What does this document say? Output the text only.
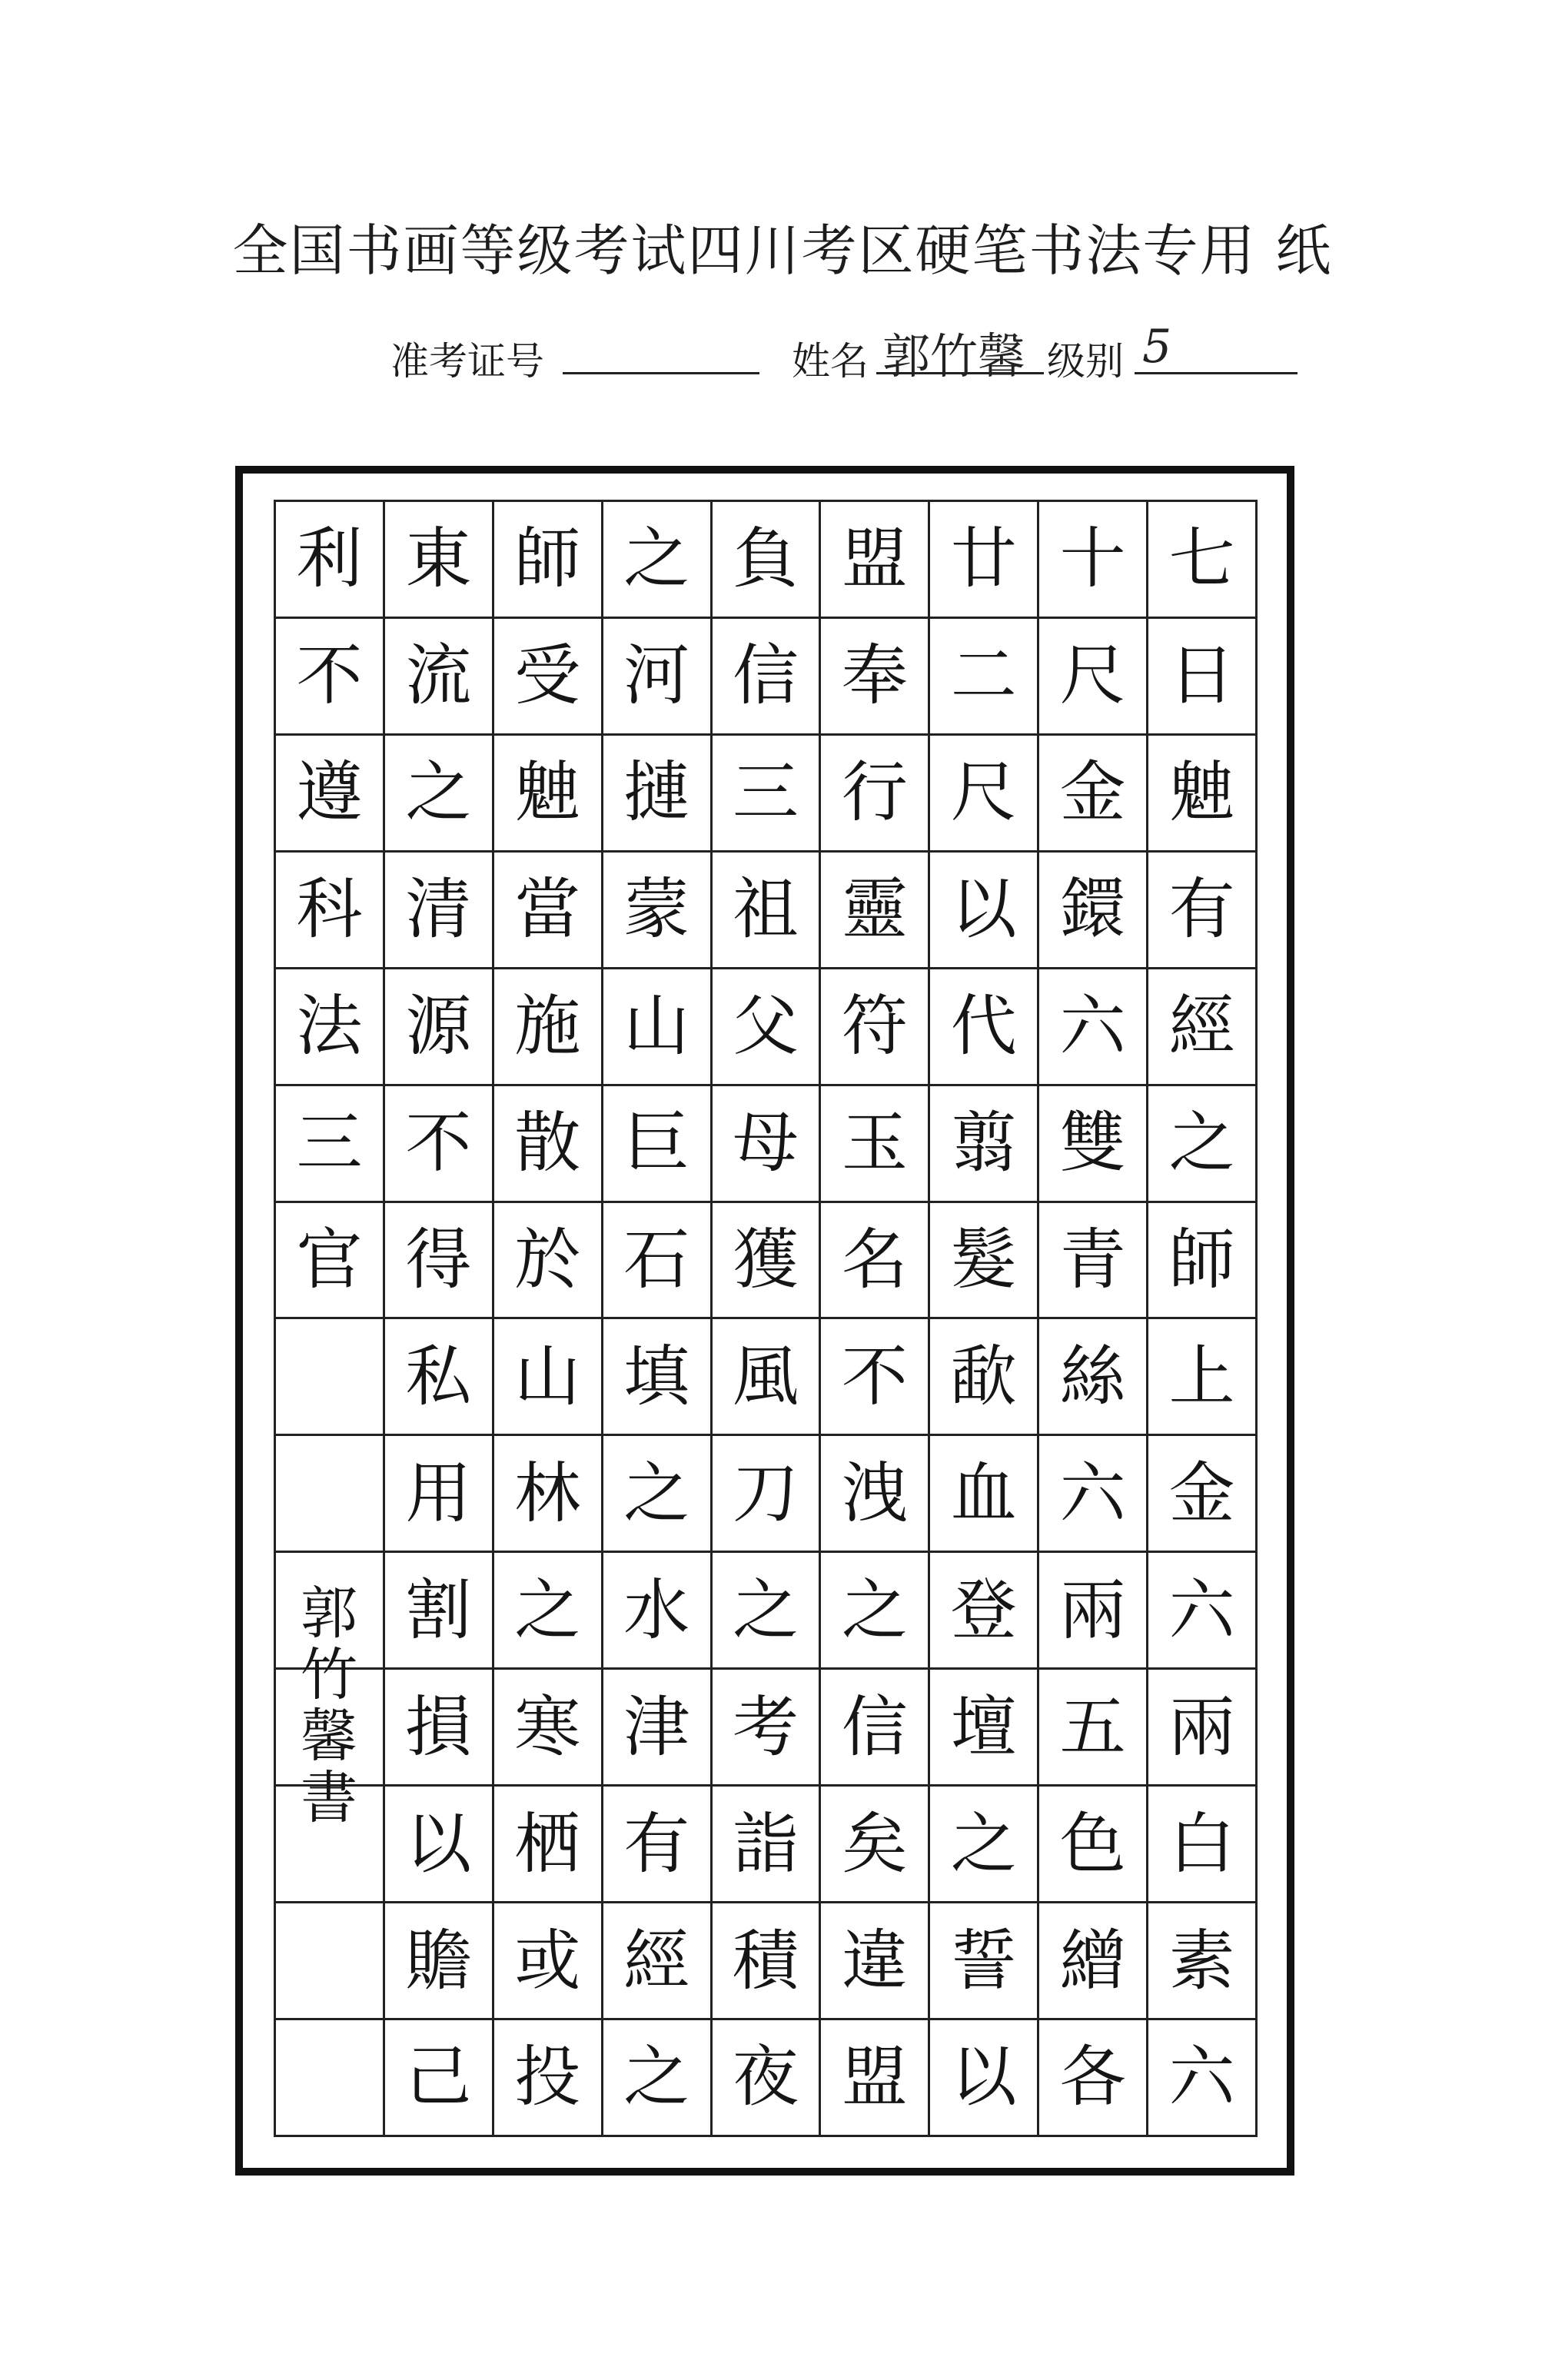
全国书画等级考试四川考区硬笔书法专用 纸
准考证号	姓名 郭竹馨 级别 5
利
不
遵
科
法
三
官
東
流
之
清
源
不
得
私
用
割
損
以
贍
己
師
受
䰠
當
施
散
於
山
林
之
寒
栖
或
投
之
河
摙
蒙
山
巨
石
填
之
水
津
有
經
之
負
信
三
祖
父
母
獲
風
刀
之
考
詣
積
夜
盟
奉
行
靈
符
玉
名
不
洩
之
信
矣
違
盟
廿
二
尺
以
代
翦
髮
歃
血
登
壇
之
誓
以
十
尺
金
鐶
六
雙
青
絲
六
兩
五
色
繒
各
七
日
䰠
有
經
之
師
上
金
六
兩
白
素
六
郭
竹
馨
書
